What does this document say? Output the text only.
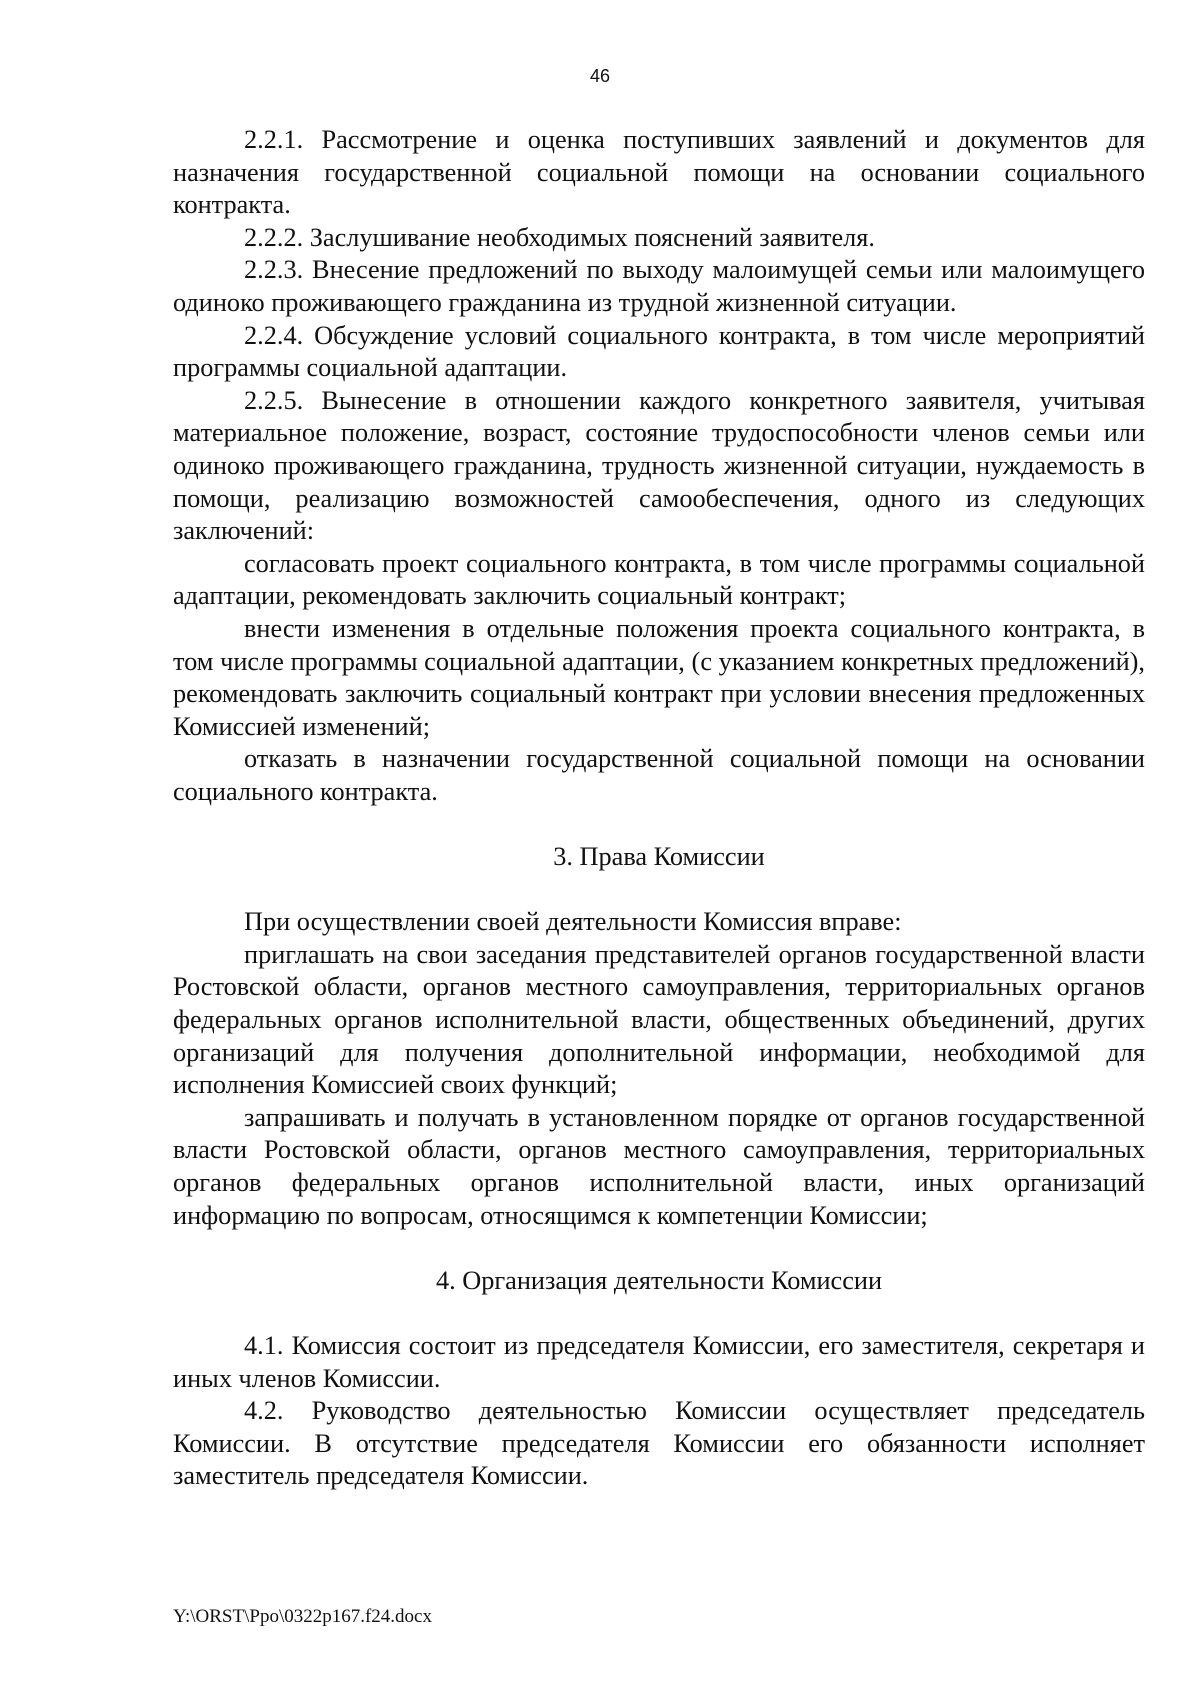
46

2.2.1. Рассмотрение и оценка поступивших заявлений и документов для назначения государственной социальной помощи на основании социального контракта.

2.2.2. Заслушивание необходимых пояснений заявителя.

2.2.3. Внесение предложений по выходу малоимущей семьи или малоимущего одиноко проживающего гражданина из трудной жизненной ситуации.

2.2.4. Обсуждение условий социального контракта, в том числе мероприятий программы социальной адаптации.

2.2.5. Вынесение в отношении каждого конкретного заявителя, учитывая материальное положение, возраст, состояние трудоспособности членов семьи или одиноко проживающего гражданина, трудность жизненной ситуации, нуждаемость в помощи, реализацию возможностей самообеспечения, одного из следующих заключений:

согласовать проект социального контракта, в том числе программы социальной адаптации, рекомендовать заключить социальный контракт;

внести изменения в отдельные положения проекта социального контракта, в том числе программы социальной адаптации, (с указанием конкретных предложений), рекомендовать заключить социальный контракт при условии внесения предложенных Комиссией изменений;

отказать в назначении государственной социальной помощи на основании социального контракта.

3. Права Комиссии

При осуществлении своей деятельности Комиссия вправе:

приглашать на свои заседания представителей органов государственной власти Ростовской области, органов местного самоуправления, территориальных органов федеральных органов исполнительной власти, общественных объединений, других организаций для получения дополнительной информации, необходимой для исполнения Комиссией своих функций;

запрашивать и получать в установленном порядке от органов государственной власти Ростовской области, органов местного самоуправления, территориальных органов федеральных органов исполнительной власти, иных организаций информацию по вопросам, относящимся к компетенции Комиссии;

4. Организация деятельности Комиссии

4.1. Комиссия состоит из председателя Комиссии, его заместителя, секретаря и иных членов Комиссии.

4.2. Руководство деятельностью Комиссии осуществляет председатель Комиссии. В отсутствие председателя Комиссии его обязанности исполняет заместитель председателя Комиссии.

Y:\ORST\Ppo\0322p167.f24.docx
